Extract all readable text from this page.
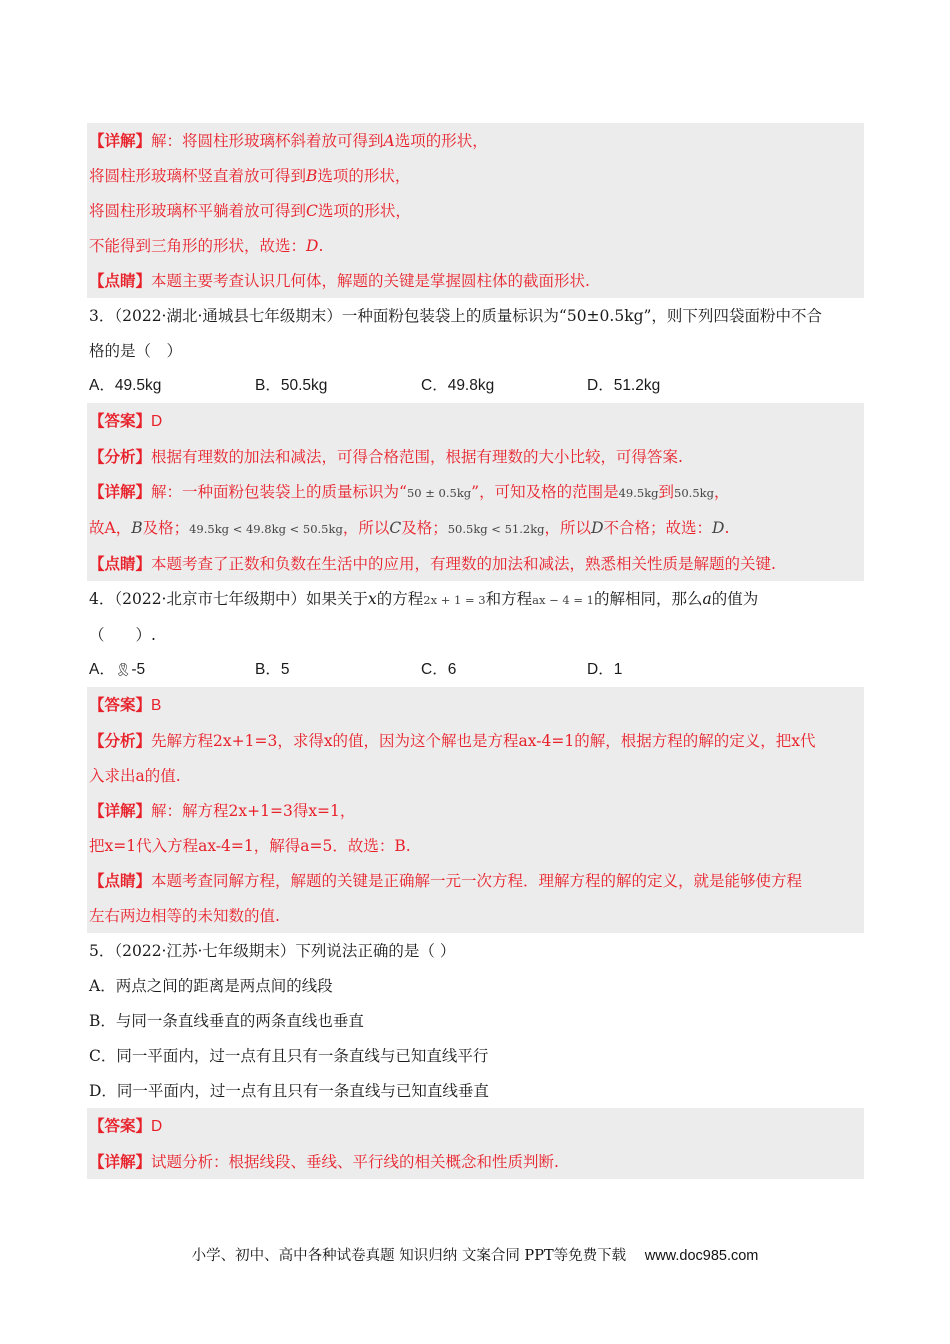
【详解】解：将圆柱形玻璃杯斜着放可得到A选项的形状，
将圆柱形玻璃杯竖直着放可得到B选项的形状，
将圆柱形玻璃杯平躺着放可得到C选项的形状，
不能得到三角形的形状，故选：D.
【点睛】本题主要考查认识几何体，解题的关键是掌握圆柱体的截面形状.
3．（2022·湖北·通城县七年级期末）一种面粉包装袋上的质量标识为“50±0.5kg”，则下列四袋面粉中不合
格的是（　）
A．49.5kg	B．50.5kg	C．49.8kg	D．51.2kg
【答案】D
【分析】根据有理数的加法和减法，可得合格范围，根据有理数的大小比较，可得答案.
【详解】解：一种面粉包装袋上的质量标识为“50 ± 0.5kg”，可知及格的范围是49.5kg到50.5kg，
故A，B及格；49.5kg < 49.8kg < 50.5kg，所以C及格；50.5kg < 51.2kg，所以D不合格；故选：D.
【点睛】本题考查了正数和负数在生活中的应用，有理数的加法和减法，熟悉相关性质是解题的关键.
4．（2022·北京市七年级期中）如果关于x的方程2x + 1 = 3和方程ax − 4 = 1的解相同，那么a的值为
（　　）.
A．🎗-5	B．5	C．6	D．1
【答案】B
【分析】先解方程2x+1=3，求得x的值，因为这个解也是方程ax-4=1的解，根据方程的解的定义，把x代
入求出a的值.
【详解】解：解方程2x+1=3得x=1，
把x=1代入方程ax-4=1，解得a=5．故选：B.
【点睛】本题考查同解方程，解题的关键是正确解一元一次方程．理解方程的解的定义，就是能够使方程
左右两边相等的未知数的值.
5．（2022·江苏·七年级期末）下列说法正确的是（ ）
A．两点之间的距离是两点间的线段
B．与同一条直线垂直的两条直线也垂直
C．同一平面内，过一点有且只有一条直线与已知直线平行
D．同一平面内，过一点有且只有一条直线与已知直线垂直
【答案】D
【详解】试题分析：根据线段、垂线、平行线的相关概念和性质判断.
小学、初中、高中各种试卷真题 知识归纳 文案合同 PPT等免费下载 www.doc985.com
